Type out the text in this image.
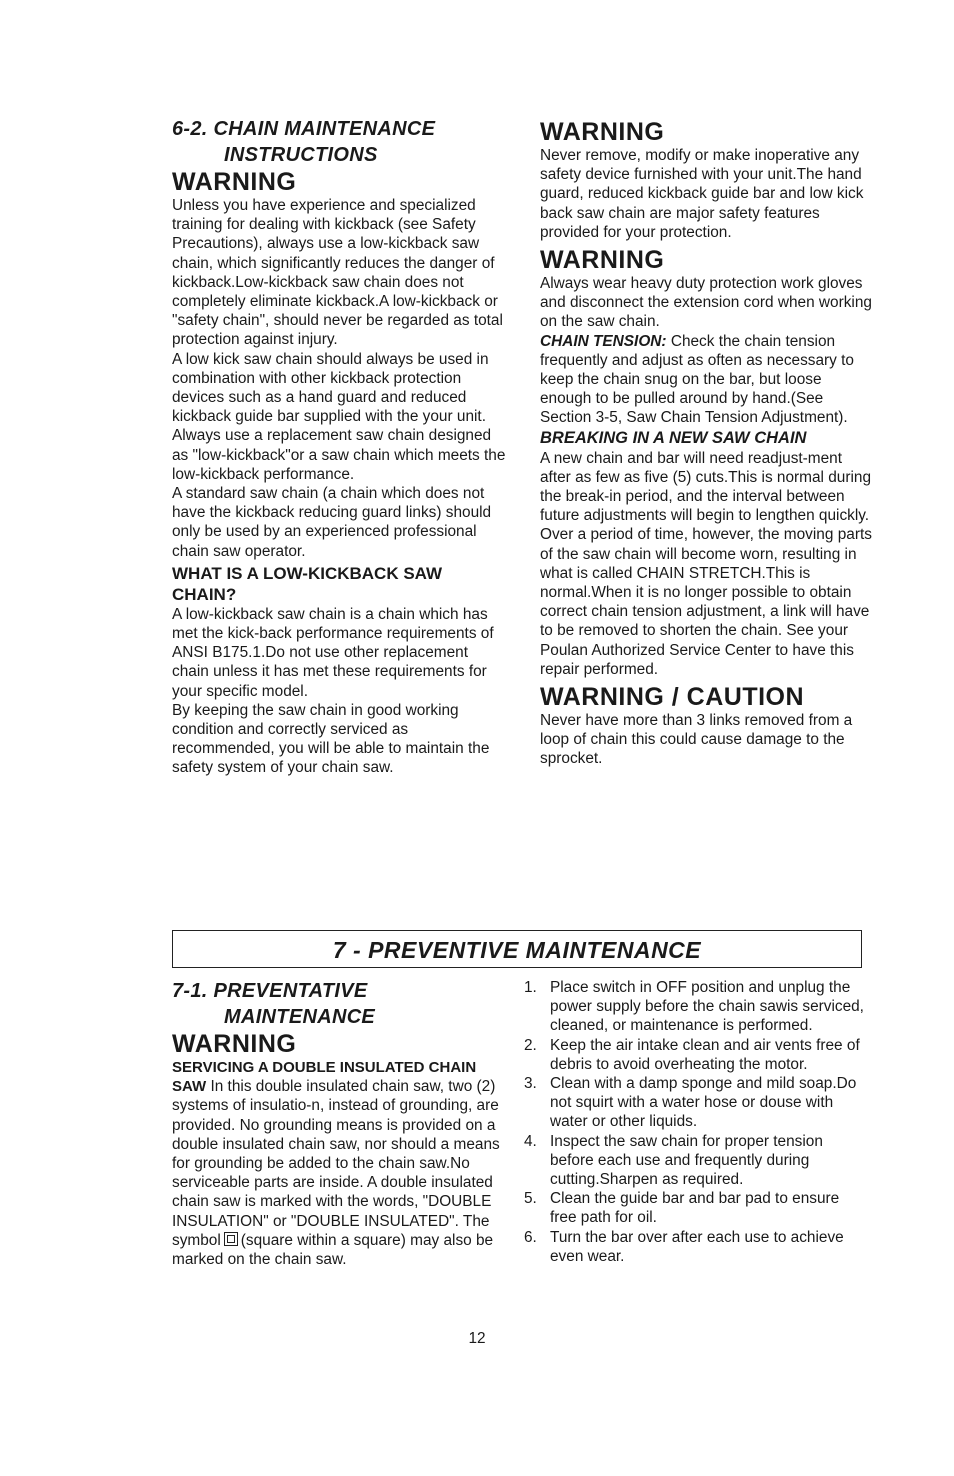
6-2. CHAIN MAINTENANCE
INSTRUCTIONS
WARNING

Unless you have experience and specialized training for dealing with kickback (see Safety Precautions), always use a low-kickback saw chain, which significantly reduces the danger of kickback.Low-kickback saw chain does not completely eliminate kickback.A low-kickback or "safety chain", should never be regarded as total protection against injury.

A low kick saw chain should always be used in combination with other kickback protection devices such as a hand guard and reduced kickback guide bar supplied with the your unit.

Always use a replacement saw chain designed as "low-kickback"or a saw chain which meets the low-kickback performance.

A standard saw chain (a chain which does not have the kickback reducing guard links) should only be used by an experienced professional chain saw operator.

WHAT IS A LOW-KICKBACK SAW CHAIN?

A low-kickback saw chain is a chain which has met the kick-back performance requirements of ANSI B175.1.Do not use other replacement chain unless it has met these requirements for your specific model.

By keeping the saw chain in good working condition and correctly serviced as recommended, you will be able to maintain the safety system of your chain saw.

WARNING

Never remove, modify or make inoperative any safety device furnished with your unit.The hand guard, reduced kickback guide bar and low kick back saw chain are major safety features provided for your protection.

WARNING

Always wear heavy duty protection work gloves and disconnect the extension cord when working on the saw chain.

CHAIN TENSION: Check the chain tension frequently and adjust as often as necessary to keep the chain snug on the bar, but loose enough to be pulled around by hand.(See Section 3-5, Saw Chain Tension Adjustment).

BREAKING IN A NEW SAW CHAIN

A new chain and bar will need readjust-ment after as few as five (5) cuts.This is normal during the break-in period, and the interval between future adjustments will begin to lengthen quickly.

Over a period of time, however, the moving parts of the saw chain will become worn, resulting in what is called CHAIN STRETCH.This is normal.When it is no longer possible to obtain correct chain tension adjustment, a link will have to be removed to shorten the chain. See your Poulan Authorized Service Center to have this repair performed.

WARNING / CAUTION

Never have more than 3 links removed from a loop of chain this could cause damage to the sprocket.

7 - PREVENTIVE MAINTENANCE
7-1. PREVENTATIVE
MAINTENANCE
WARNING

SERVICING A DOUBLE INSULATED CHAIN SAW In this double insulated chain saw, two (2) systems of insulatio-n, instead of grounding, are provided. No grounding means is provided on a double insulated chain saw, nor should a means for grounding be added to the chain saw.No serviceable parts are inside. A double insulated chain saw is marked with the words, "DOUBLE INSULATION" or "DOUBLE INSULATED". The symbol (square within a square) may also be marked on the chain saw.

1. Place switch in OFF position and unplug the power supply before the chain sawis serviced, cleaned, or maintenance is performed.
2. Keep the air intake clean and air vents free of debris to avoid overheating the motor.
3. Clean with a damp sponge and mild soap.Do not squirt with a water hose or douse with water or other liquids.
4. Inspect the saw chain for proper tension before each use and frequently during cutting.Sharpen as required.
5. Clean the guide bar and bar pad to ensure free path for oil.
6. Turn the bar over after each use to achieve even wear.
12
